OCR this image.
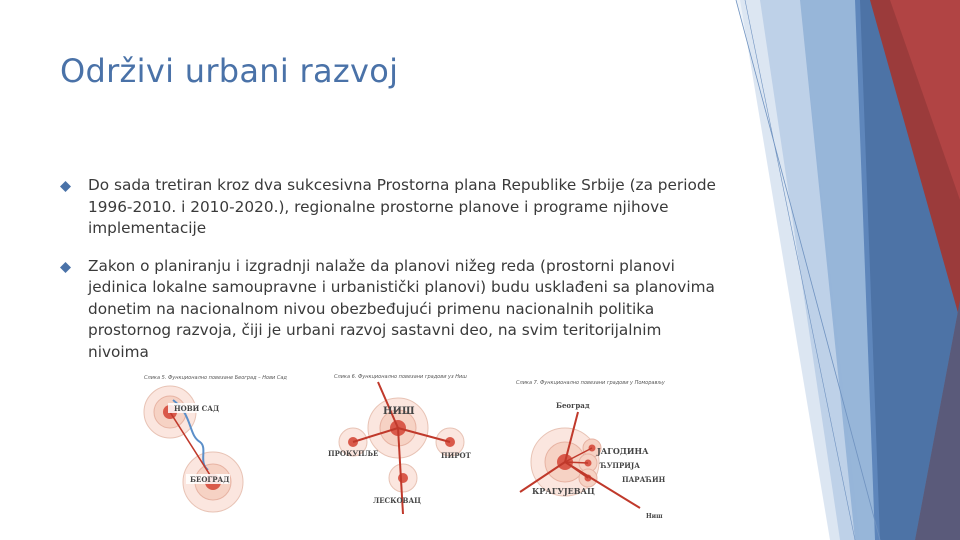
Održivi urbani razvoj
Do sada tretiran kroz dva sukcesivna Prostorna plana Republike Srbije (za periode 1996-2010. i 2010-2020.), regionalne prostorne planove i programe njihove implementacije
Zakon o planiranju i izgradnji nalaže da planovi nižeg reda (prostorni planovi jedinica lokalne samoupravne i urbanistički planovi) budu usklađeni sa planovima donetim na nacionalnom nivou obezbeđujući primenu nacionalnih politika prostornog razvoja, čiji je urbani razvoj sastavni deo, na svim teritorijalnim nivoima
Слика 5. Функционално повезане Београд – Нови Сад
НОВИ САД
БЕОГРАД
Слика 6. Функционално повезани градови уз Ниш
НИШ
ПРОКУПЉЕ	ПИРОТ
ЛЕСКОВАЦ
Слика 7. Функционално повезани градови у Поморављу
Београд
ЈАГОДИНА
ЋУПРИЈА
ПАРАЋИН
КРАГУЈЕВАЦ
Ниш
